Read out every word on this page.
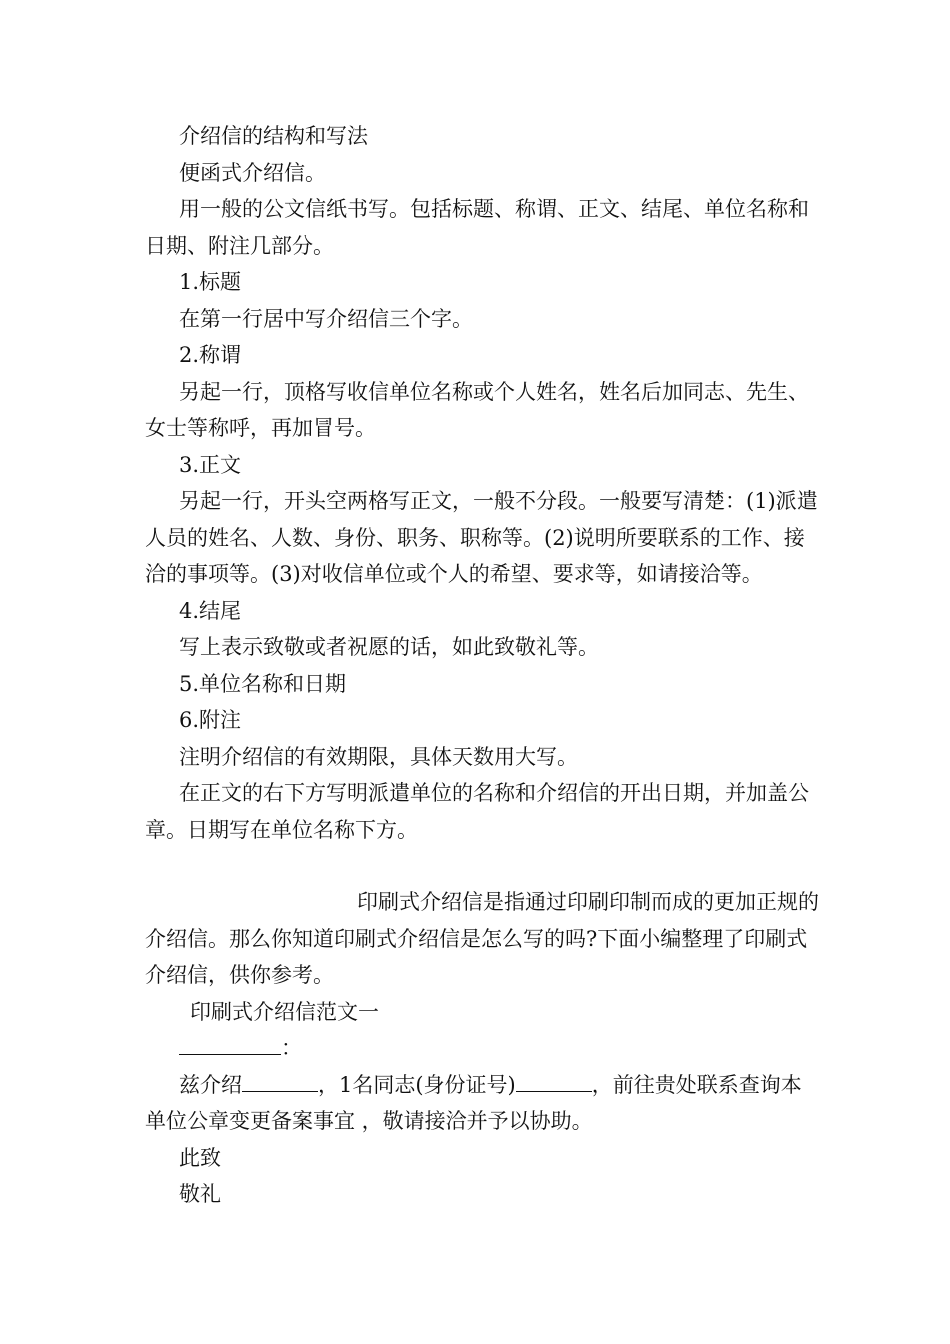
介绍信的结构和写法

便函式介绍信。

用一般的公文信纸书写。包括标题、称谓、正文、结尾、单位名称和日期、附注几部分。

1.标题

在第一行居中写介绍信三个字。

2.称谓

另起一行，顶格写收信单位名称或个人姓名，姓名后加同志、先生、女士等称呼，再加冒号。

3.正文

另起一行，开头空两格写正文，一般不分段。一般要写清楚：(1)派遣人员的姓名、人数、身份、职务、职称等。(2)说明所要联系的工作、接洽的事项等。(3)对收信单位或个人的希望、要求等，如请接洽等。

4.结尾

写上表示致敬或者祝愿的话，如此致敬礼等。

5.单位名称和日期

6.附注

注明介绍信的有效期限，具体天数用大写。

在正文的右下方写明派遣单位的名称和介绍信的开出日期，并加盖公章。日期写在单位名称下方。

印刷式介绍信是指通过印刷印制而成的更加正规的介绍信。那么你知道印刷式介绍信是怎么写的吗?下面小编整理了印刷式介绍信，供你参考。

印刷式介绍信范文一

：

兹介绍	，1名同志(身份证号)	，前往贵处联系查询本单位公章变更备案事宜 ，敬请接洽并予以协助。

此致

敬礼
